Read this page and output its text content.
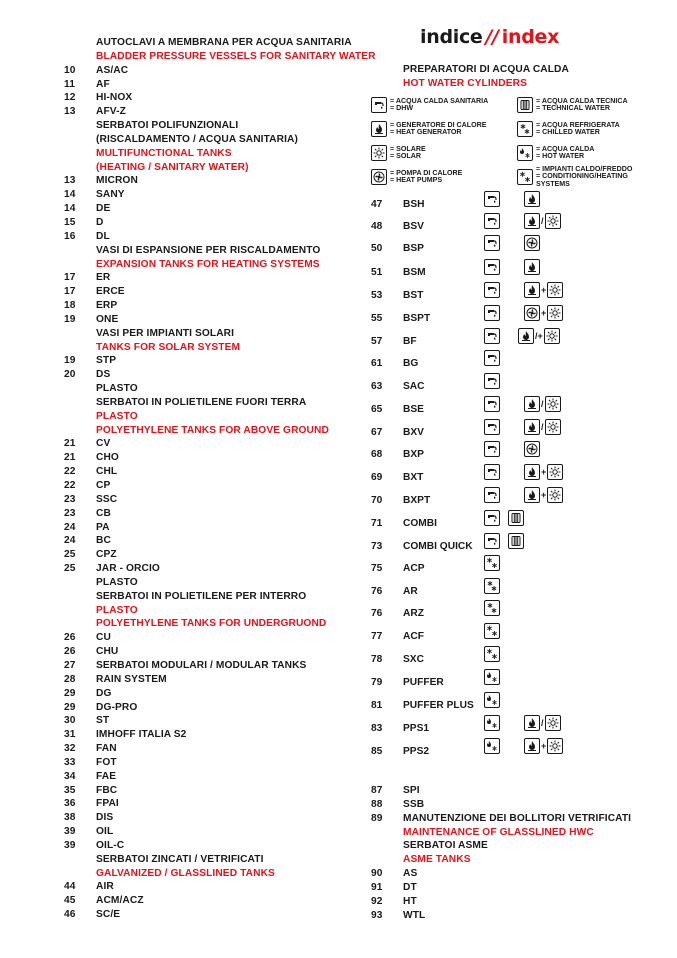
indice // index
AUTOCLAVI A MEMBRANA PER ACQUA SANITARIA
BLADDER PRESSURE VESSELS FOR SANITARY WATER
10	AS/AC
11	AF
12	HI-NOX
13	AFV-Z
SERBATOI POLIFUNZIONALI
(RISCALDAMENTO / ACQUA SANITARIA)
MULTIFUNCTIONAL TANKS
(HEATING / SANITARY WATER)
13	MICRON
14	SANY
14	DE
15	D
16	DL
VASI DI ESPANSIONE PER RISCALDAMENTO
EXPANSION TANKS FOR HEATING SYSTEMS
17	ER
17	ERCE
18	ERP
19	ONE
VASI PER IMPIANTI SOLARI
TANKS FOR SOLAR SYSTEM
19	STP
20	DS
PLASTO
SERBATOI IN POLIETILENE FUORI TERRA
PLASTO
POLYETHYLENE TANKS FOR ABOVE GROUND
21	CV
21	CHO
22	CHL
22	CP
23	SSC
23	CB
24	PA
24	BC
25	CPZ
25	JAR - ORCIO
PLASTO
SERBATOI IN POLIETILENE PER INTERRO
PLASTO
POLYETHYLENE TANKS FOR UNDERGRUOND
26	CU
26	CHU
27	SERBATOI MODULARI / MODULAR TANKS
28	RAIN SYSTEM
29	DG
29	DG-PRO
30	ST
31	IMHOFF ITALIA S2
32	FAN
33	FOT
34	FAE
35	FBC
36	FPAI
38	DIS
39	OIL
39	OIL-C
SERBATOI ZINCATI / VETRIFICATI
GALVANIZED / GLASSLINED TANKS
44	AIR
45	ACM/ACZ
46	SC/E
PREPARATORI DI ACQUA CALDA
HOT WATER CYLINDERS
= ACQUA CALDA SANITARIA
= DHW
= ACQUA CALDA TECNICA
= TECHNICAL WATER
= GENERATORE DI CALORE
= HEAT GENERATOR
= ACQUA REFRIGERATA
= CHILLED WATER
= SOLARE
= SOLAR
= ACQUA CALDA
= HOT WATER
= POMPA DI CALORE
= HEAT PUMPS
= IMPIANTI CALDO/FREDDO
= CONDITIONING/HEATING
SYSTEMS
47	BSH
48	BSV	/
50	BSP
51	BSM
53	BST	+
55	BSPT	+
57	BF	/+
61	BG
63	SAC
65	BSE	/
67	BXV	/
68	BXP
69	BXT	+
70	BXPT	+
71	COMBI
73	COMBI QUICK
75	ACP
76	AR
76	ARZ
77	ACF
78	SXC
79	PUFFER
81	PUFFER PLUS
83	PPS1	/
85	PPS2	+
87	SPI
88	SSB
89	MANUTENZIONE DEI BOLLITORI VETRIFICATI
MAINTENANCE OF GLASSLINED HWC
SERBATOI ASME
ASME TANKS
90	AS
91	DT
92	HT
93	WTL
